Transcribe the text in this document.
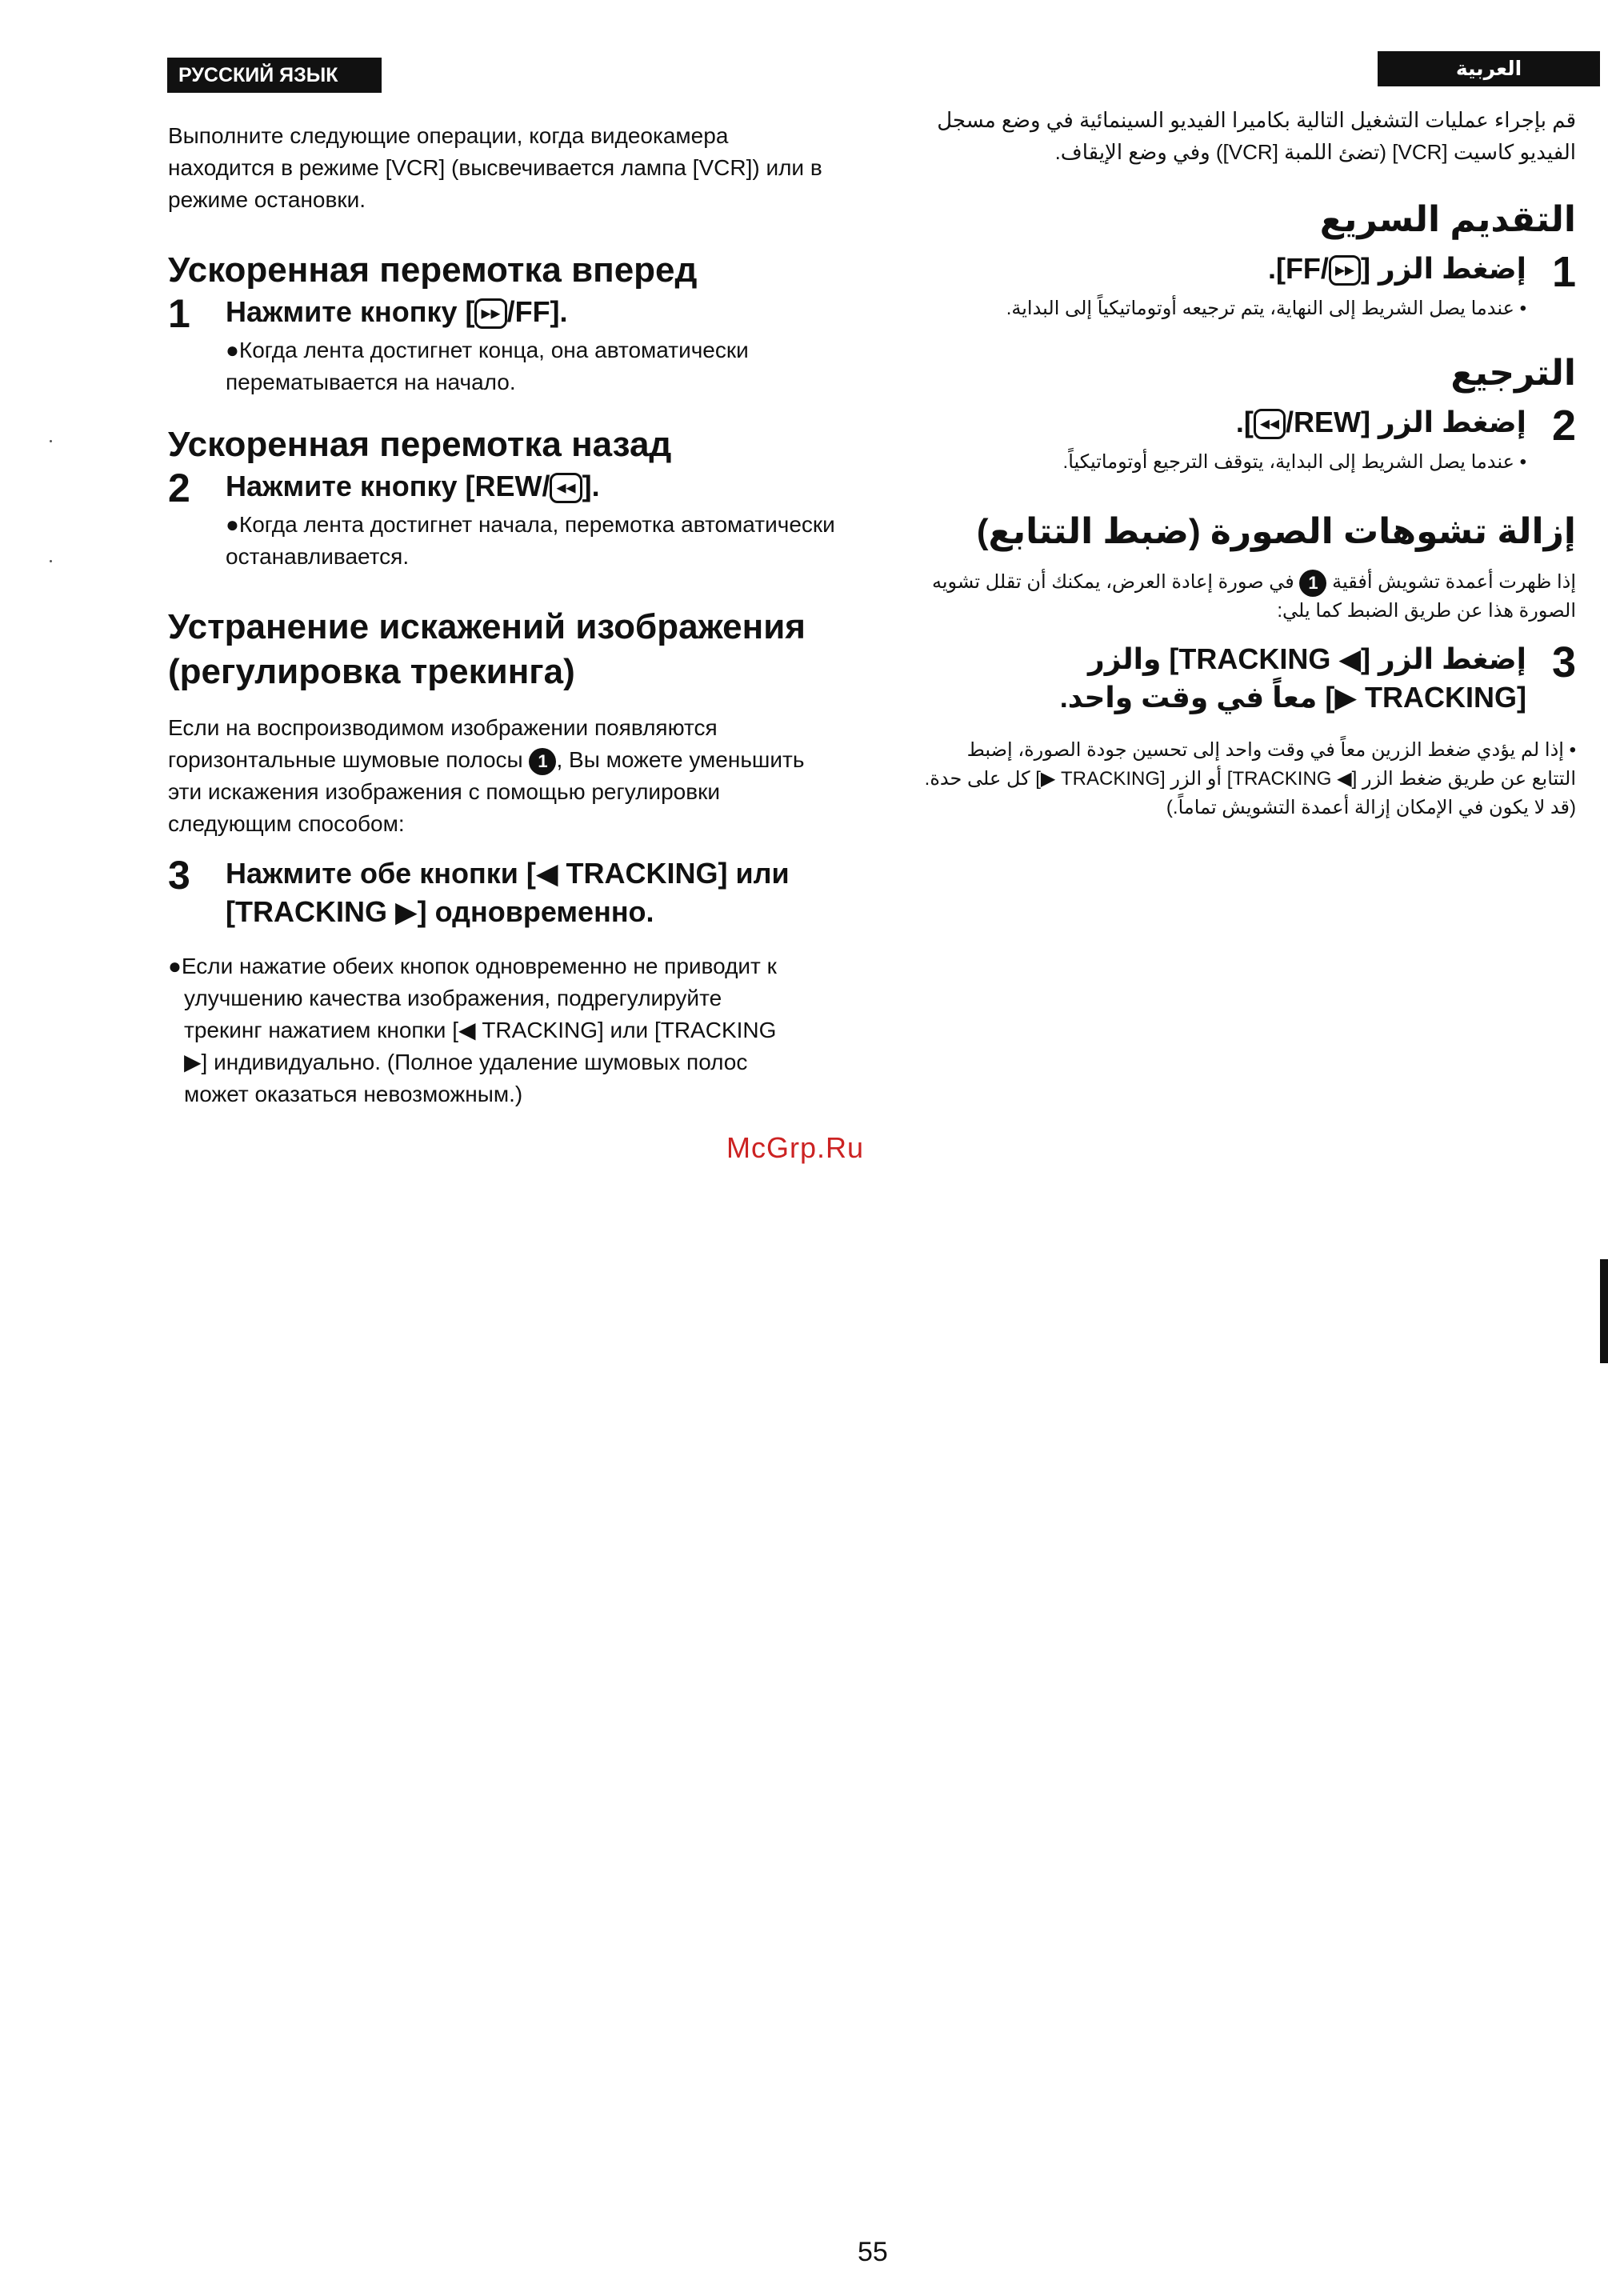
РУССКИЙ ЯЗЫК	العربية

Выполните следующие операции, когда видеокамера находится в режиме [VCR] (высвечивается лампа [VCR]) или в режиме остановки.

Ускоренная перемотка вперед
1	Нажмите кнопку [ ▸▸ /FF].

●Когда лента достигнет конца, она автоматически перематывается на начало.

Ускоренная перемотка назад
2	Нажмите кнопку [REW/ ◂◂ ].

●Когда лента достигнет начала, перемотка автоматически останавливается.

Устранение искажений изображения (регулировка трекинга)

Если на воспроизводимом изображении появляются горизонтальные шумовые полосы 1 , Вы можете уменьшить эти искажения изображения с помощью регулировки следующим способом:

3	Нажмите обе кнопки [◀ TRACKING] или [TRACKING ▶] одновременно.

●Если нажатие обеих кнопок одновременно не приводит к улучшению качества изображения, подрегулируйте трекинг нажатием кнопки [◀ TRACKING] или [TRACKING ▶] индивидуально. (Полное удаление шумовых полос может оказаться невозможным.)

قم بإجراء عمليات التشغيل التالية بكاميرا الفيديو السينمائية في وضع مسجل الفيديو كاسيت [VCR] (تضئ اللمبة [VCR]) وفي وضع الإيقاف.

التقديم السريع
1
إضغط الزر [▸▸/FF].

• عندما يصل الشريط إلى النهاية، يتم ترجيعه أوتوماتيكياً إلى البداية.

الترجيع
2
إضغط الزر [REW/◂◂].

• عندما يصل الشريط إلى البداية، يتوقف الترجيع أوتوماتيكياً.

إزالة تشوهات الصورة (ضبط التتابع)

إذا ظهرت أعمدة تشويش أفقية 1 في صورة إعادة العرض، يمكنك أن تقلل تشويه الصورة هذا عن طريق الضبط كما يلي:

3
إضغط الزر [◀ TRACKING] والزر [TRACKING ▶] معاً في وقت واحد.

• إذا لم يؤدي ضغط الزرين معاً في وقت واحد إلى تحسين جودة الصورة، إضبط التتابع عن طريق ضغط الزر [◀ TRACKING] أو الزر [TRACKING ▶] كل على حدة. (قد لا يكون في الإمكان إزالة أعمدة التشويش تماماً.)

McGrp.Ru
55
